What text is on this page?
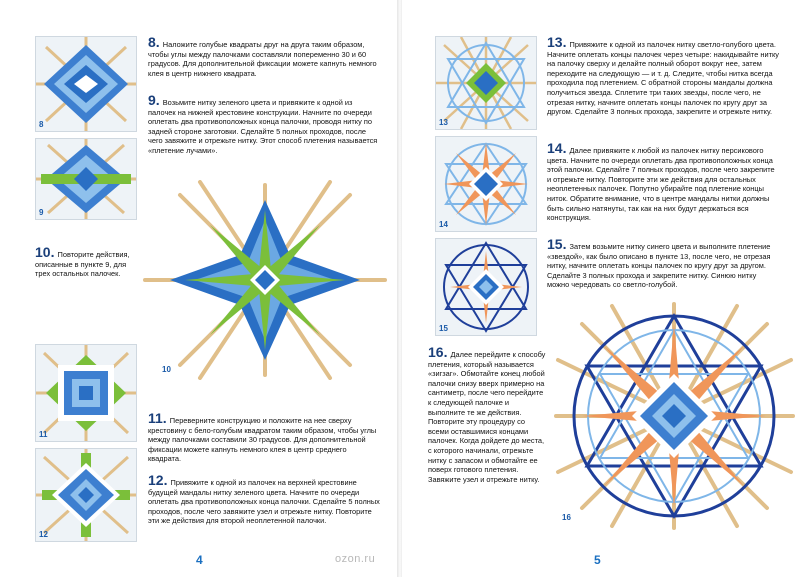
8
9
8. Наложите голубые квадраты друг на друга таким образом, чтобы углы между палочками составляли попеременно 30 и 60 градусов. Для дополнительной фиксации можете капнуть немного клея в центр нижнего квадрата.
9. Возьмите нитку зеленого цвета и привяжите к одной из палочек на нижней крестовине конструкции. Начните по очереди оплетать два противоположных конца палочки, проводя нитку по задней стороне заготовки. Сделайте 5 полных проходов, после чего завяжите и отрежьте нитку. Этот способ плетения называется «плетение лучами».
10. Повторите действия, описанные в пункте 9, для трех остальных палочек.
10
11
12
11. Переверните конструкцию и положите на нее сверху крестовину с бело-голубым квадратом таким образом, чтобы углы между палочками составили 30 градусов. Для дополнительной фиксации можете капнуть немного клея в центр среднего квадрата.
12. Привяжите к одной из палочек на верхней крестовине будущей мандалы нитку зеленого цвета. Начните по очереди оплетать два противоположных конца палочки. Сделайте 5 полных проходов, после чего завяжите узел и отрежьте нитку. Повторите эти же действия для второй неоплетенной палочки.
4
13
14
15
13. Привяжите к одной из палочек нитку светло-голубого цвета. Начните оплетать концы палочек через четыре: накидывайте нитку на палочку сверху и делайте полный оборот вокруг нее, затем переходите на следующую — и т. д. Следите, чтобы нитка всегда проходила под плетением. С обратной стороны мандалы должна получиться звезда. Сплетите три таких звезды, после чего, не отрезая нитку, начните оплетать концы палочек по кругу друг за другом. Сделайте 3 полных прохода, закрепите и отрежьте нитку.
14. Далее привяжите к любой из палочек нитку персикового цвета. Начните по очереди оплетать два противоположных конца этой палочки. Сделайте 7 полных проходов, после чего закрепите и отрежьте нитку. Повторите эти же действия для остальных неоплетенных палочек. Попутно убирайте под плетение концы ниток. Обратите внимание, что в центре мандалы нитки должны быть сильно натянуты, так как на них будут держаться вся конструкция.
15. Затем возьмите нитку синего цвета и выполните плетение «звездой», как было описано в пункте 13, после чего, не отрезая нитку, начните оплетать концы палочек по кругу друг за другом. Сделайте 3 полных прохода и закрепите нитку. Синюю нитку можно чередовать со светло-голубой.
16. Далее перейдите к способу плетения, который называется «зигзаг». Обмотайте конец любой палочки снизу вверх примерно на сантиметр, после чего перейдите к следующей палочке и выполните те же действия. Повторите эту процедуру со всеми оставшимися концами палочек. Когда дойдете до места, с которого начинали, отрежьте нитку с запасом и обмотайте ее поверх готового плетения. Завяжите узел и отрежьте нитку.
16
5
ozon.ru
